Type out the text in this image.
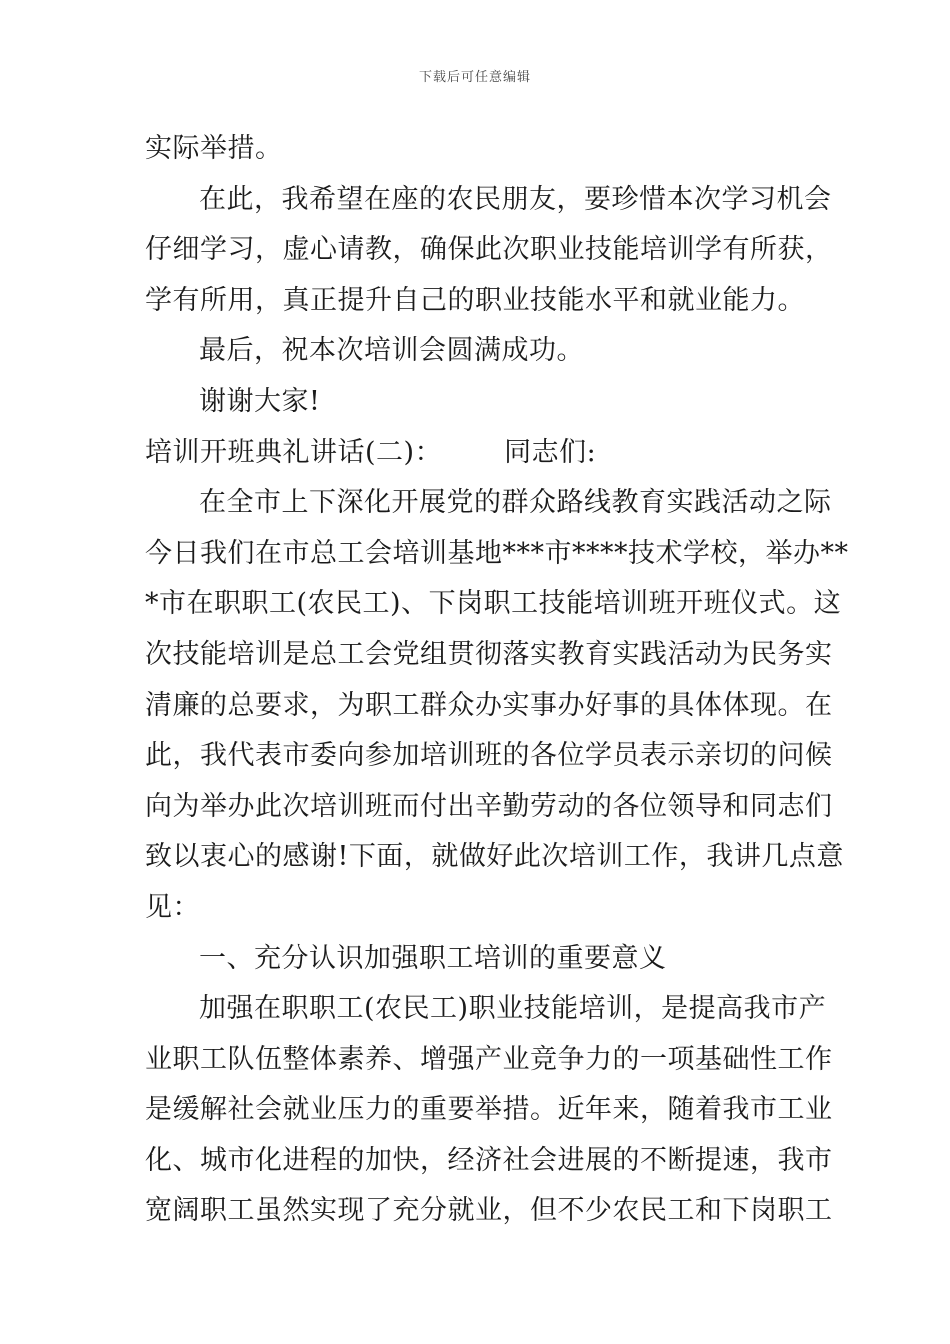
下载后可任意编辑
实际举措。
在此，我希望在座的农民朋友，要珍惜本次学习机会
仔细学习，虚心请教，确保此次职业技能培训学有所获，
学有所用，真正提升自己的职业技能水平和就业能力。
最后，祝本次培训会圆满成功。
谢谢大家!
培训开班典礼讲话(二)： 同志们:
在全市上下深化开展党的群众路线教育实践活动之际
今日我们在市总工会培训基地***市****技术学校，举办**
*市在职职工(农民工)、下岗职工技能培训班开班仪式。这
次技能培训是总工会党组贯彻落实教育实践活动为民务实
清廉的总要求，为职工群众办实事办好事的具体体现。在
此，我代表市委向参加培训班的各位学员表示亲切的问候
向为举办此次培训班而付出辛勤劳动的各位领导和同志们
致以衷心的感谢!下面，就做好此次培训工作，我讲几点意
见：
一、充分认识加强职工培训的重要意义
加强在职职工(农民工)职业技能培训，是提高我市产
业职工队伍整体素养、增强产业竞争力的一项基础性工作
是缓解社会就业压力的重要举措。近年来，随着我市工业
化、城市化进程的加快，经济社会进展的不断提速，我市
宽阔职工虽然实现了充分就业，但不少农民工和下岗职工
